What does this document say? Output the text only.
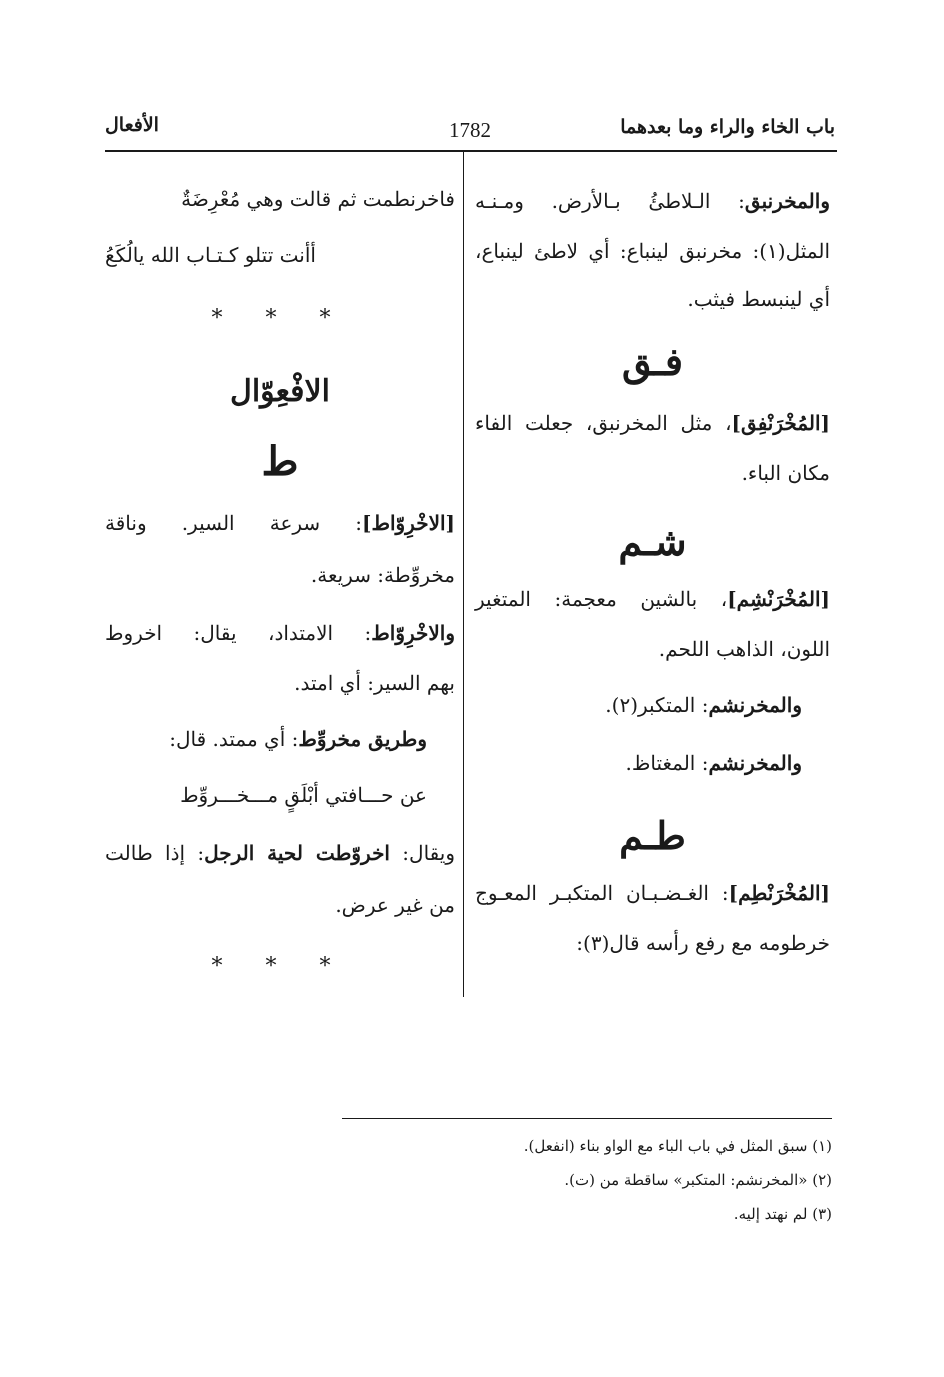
الأفعال	1782	باب الخاء والراء وما بعدهما
والمخرنبق: الـلاطئُ بـالأرض. ومـنـه
المثل(١): مخرنبق لينباع: أي لاطئ لينباع،
أي لينبسط فيثب.
فـق
[المُخْرَنْفِق]، مثل المخرنبق، جعلت الفاء
مكان الباء.
شـم
[المُخْرَنْشِم]، بالشين معجمة: المتغير
اللون، الذاهب اللحم.
والمخرنشم: المتكبر(٢).
والمخرنشم: المغتاظ.
طـم
[المُخْرَنْطِم]: الغـضـبـان المتكبـر المعـوج
خرطومه مع رفع رأسه قال(٣):
فاخرنطمت ثم قالت وهي مُعْرِضَةٌ
أأنت تتلو كـتـاب الله يالُكَعُ
* * *
الافْعِوّال
ط
[الاخْرِوّاط]: سرعة السير. وناقة
مخروِّطة: سريعة.
والاخْرِوّاط: الامتداد، يقال: اخروط
بهم السير: أي امتد.
وطريق مخروِّط: أي ممتد. قال:
عن حـــافتي أبْلَقٍ مـــخـــروِّط
ويقال: اخروّطت لحية الرجل: إذا طالت
من غير عرض.
* * *
(١) سبق المثل في باب الباء مع الواو بناء (انفعل).
(٢) «المخرنشم: المتكبر» ساقطة من (ت).
(٣) لم نهتد إليه.
